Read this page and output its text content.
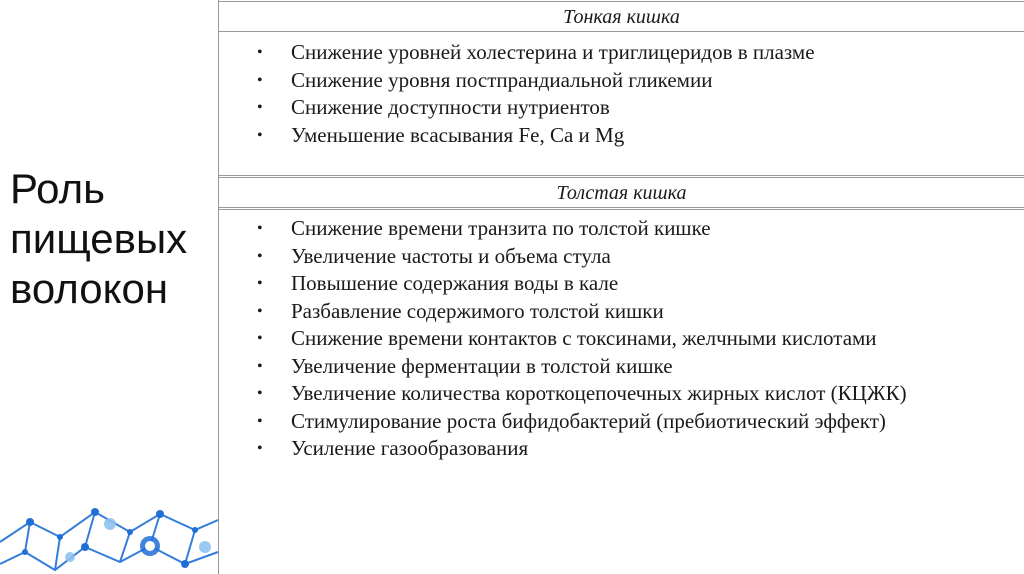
Роль
пищевых
волокон
Тонкая кишка
• Снижение уровней холестерина и триглицеридов в плазме
• Снижение уровня постпрандиальной гликемии
• Снижение доступности нутриентов
• Уменьшение всасывания Fe, Ca и Mg
Толстая кишка
• Снижение времени транзита по толстой кишке
• Увеличение частоты и объема стула
• Повышение содержания воды в кале
• Разбавление содержимого толстой кишки
• Снижение времени контактов с токсинами, желчными кислотами
• Увеличение ферментации в толстой кишке
• Увеличение количества короткоцепочечных жирных кислот (КЦЖК)
• Стимулирование роста бифидобактерий (пребиотический эффект)
• Усиление газообразования
